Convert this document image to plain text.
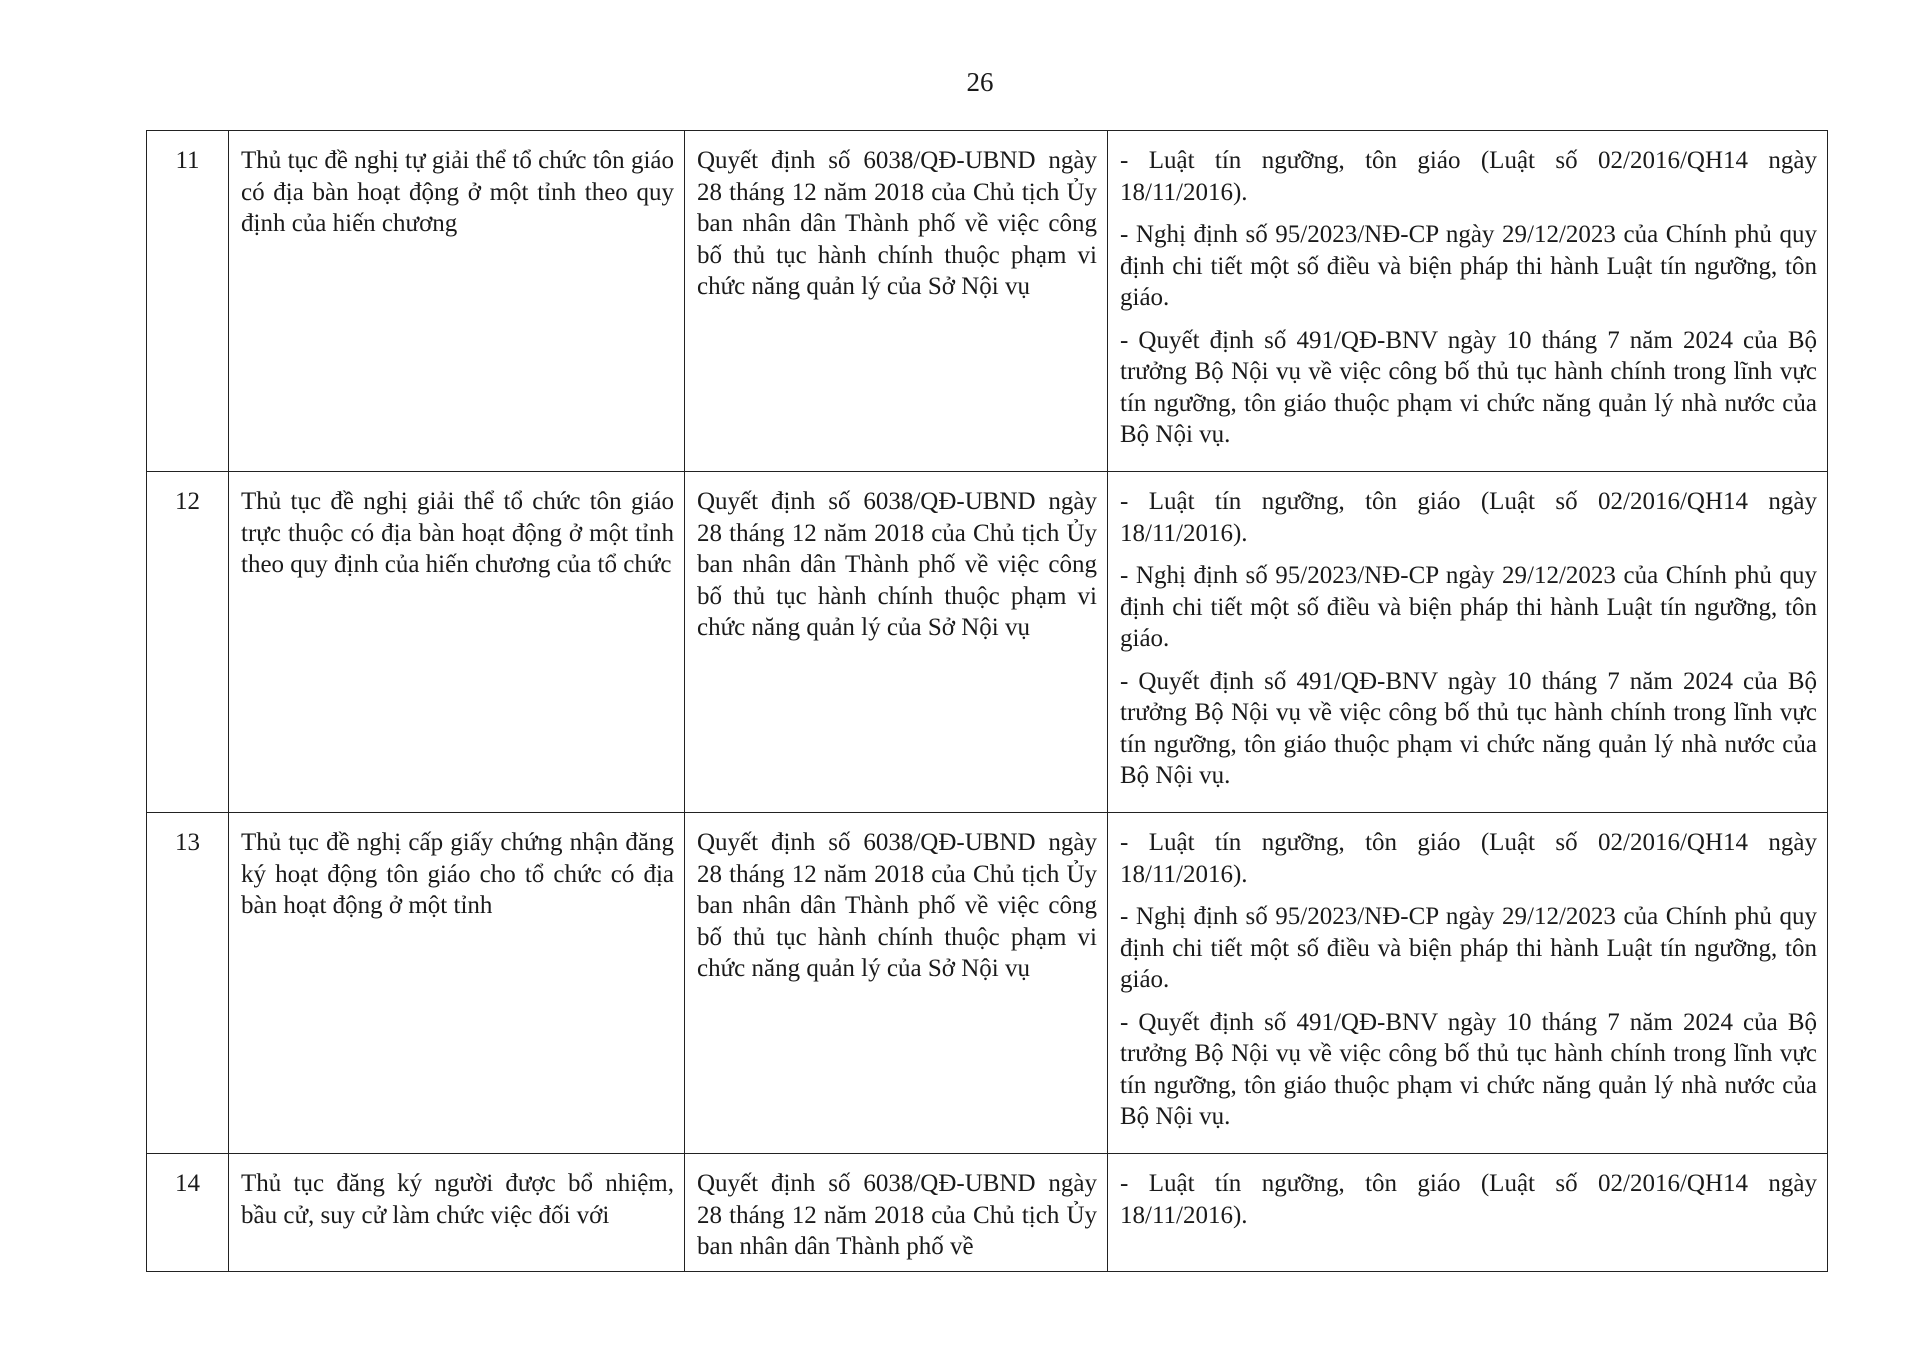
26
11	Thủ tục đề nghị tự giải thể tổ chức tôn giáo có địa bàn hoạt động ở một tỉnh theo quy định của hiến chương	Quyết định số 6038/QĐ-UBND ngày 28 tháng 12 năm 2018 của Chủ tịch Ủy ban nhân dân Thành phố về việc công bố thủ tục hành chính thuộc phạm vi chức năng quản lý của Sở Nội vụ	- Luật tín ngưỡng, tôn giáo (Luật số 02/2016/QH14 ngày 18/11/2016).

- Nghị định số 95/2023/NĐ-CP ngày 29/12/2023 của Chính phủ quy định chi tiết một số điều và biện pháp thi hành Luật tín ngưỡng, tôn giáo.

- Quyết định số 491/QĐ-BNV ngày 10 tháng 7 năm 2024 của Bộ trưởng Bộ Nội vụ về việc công bố thủ tục hành chính trong lĩnh vực tín ngưỡng, tôn giáo thuộc phạm vi chức năng quản lý nhà nước của Bộ Nội vụ.

12	Thủ tục đề nghị giải thể tổ chức tôn giáo trực thuộc có địa bàn hoạt động ở một tỉnh theo quy định của hiến chương của tổ chức	Quyết định số 6038/QĐ-UBND ngày 28 tháng 12 năm 2018 của Chủ tịch Ủy ban nhân dân Thành phố về việc công bố thủ tục hành chính thuộc phạm vi chức năng quản lý của Sở Nội vụ	- Luật tín ngưỡng, tôn giáo (Luật số 02/2016/QH14 ngày 18/11/2016).

- Nghị định số 95/2023/NĐ-CP ngày 29/12/2023 của Chính phủ quy định chi tiết một số điều và biện pháp thi hành Luật tín ngưỡng, tôn giáo.

- Quyết định số 491/QĐ-BNV ngày 10 tháng 7 năm 2024 của Bộ trưởng Bộ Nội vụ về việc công bố thủ tục hành chính trong lĩnh vực tín ngưỡng, tôn giáo thuộc phạm vi chức năng quản lý nhà nước của Bộ Nội vụ.

13	Thủ tục đề nghị cấp giấy chứng nhận đăng ký hoạt động tôn giáo cho tổ chức có địa bàn hoạt động ở một tỉnh	Quyết định số 6038/QĐ-UBND ngày 28 tháng 12 năm 2018 của Chủ tịch Ủy ban nhân dân Thành phố về việc công bố thủ tục hành chính thuộc phạm vi chức năng quản lý của Sở Nội vụ	- Luật tín ngưỡng, tôn giáo (Luật số 02/2016/QH14 ngày 18/11/2016).

- Nghị định số 95/2023/NĐ-CP ngày 29/12/2023 của Chính phủ quy định chi tiết một số điều và biện pháp thi hành Luật tín ngưỡng, tôn giáo.

- Quyết định số 491/QĐ-BNV ngày 10 tháng 7 năm 2024 của Bộ trưởng Bộ Nội vụ về việc công bố thủ tục hành chính trong lĩnh vực tín ngưỡng, tôn giáo thuộc phạm vi chức năng quản lý nhà nước của Bộ Nội vụ.

14	Thủ tục đăng ký người được bổ nhiệm, bầu cử, suy cử làm chức việc đối với	Quyết định số 6038/QĐ-UBND ngày 28 tháng 12 năm 2018 của Chủ tịch Ủy ban nhân dân Thành phố về	- Luật tín ngưỡng, tôn giáo (Luật số 02/2016/QH14 ngày 18/11/2016).
